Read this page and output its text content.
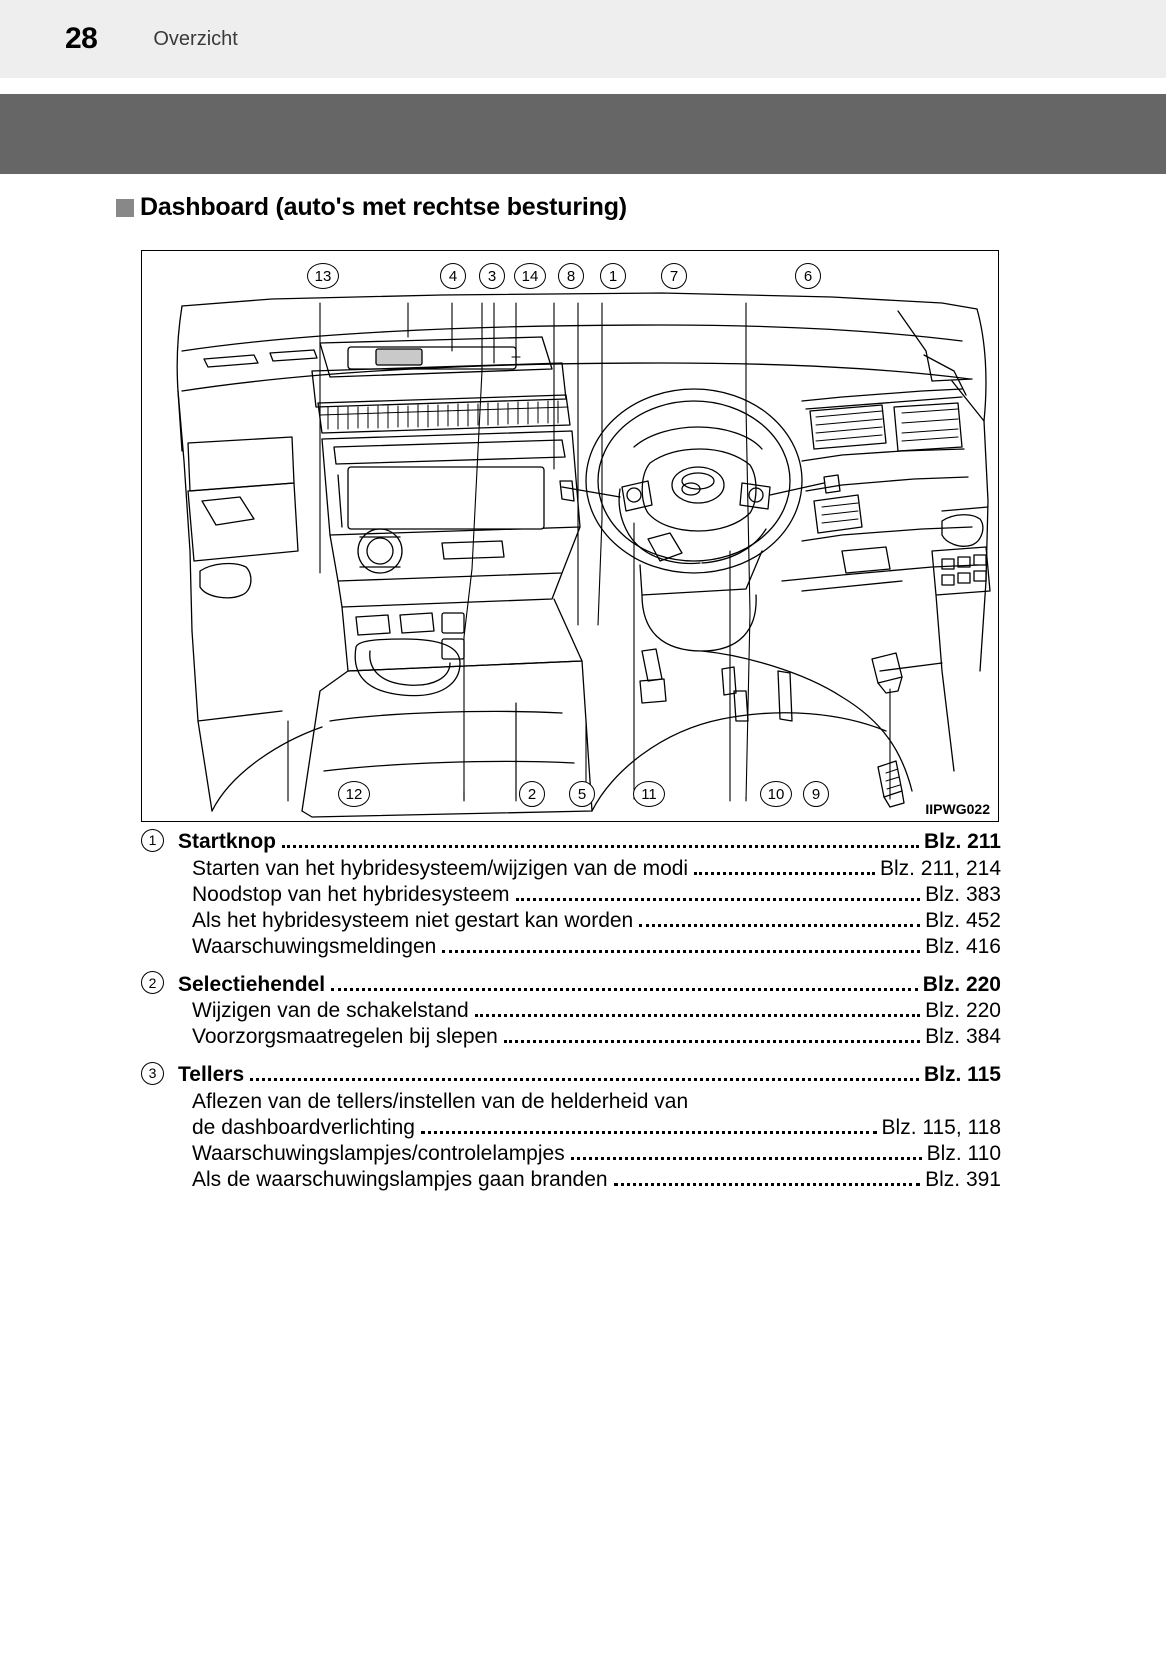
28	Overzicht
Dashboard (auto's met rechtse besturing)
13	4	3	14	8	1	7	6
12	2	5	11	10	9
IIPWG022
1	Startknop	Blz. 211
Starten van het hybridesysteem/wijzigen van de modi	Blz. 211, 214
Noodstop van het hybridesysteem	Blz. 383
Als het hybridesysteem niet gestart kan worden	Blz. 452
Waarschuwingsmeldingen	Blz. 416
2	Selectiehendel	Blz. 220
Wijzigen van de schakelstand	Blz. 220
Voorzorgsmaatregelen bij slepen	Blz. 384
3	Tellers	Blz. 115
Aflezen van de tellers/instellen van de helderheid van
de dashboardverlichting	Blz. 115, 118
Waarschuwingslampjes/controlelampjes	Blz. 110
Als de waarschuwingslampjes gaan branden	Blz. 391
